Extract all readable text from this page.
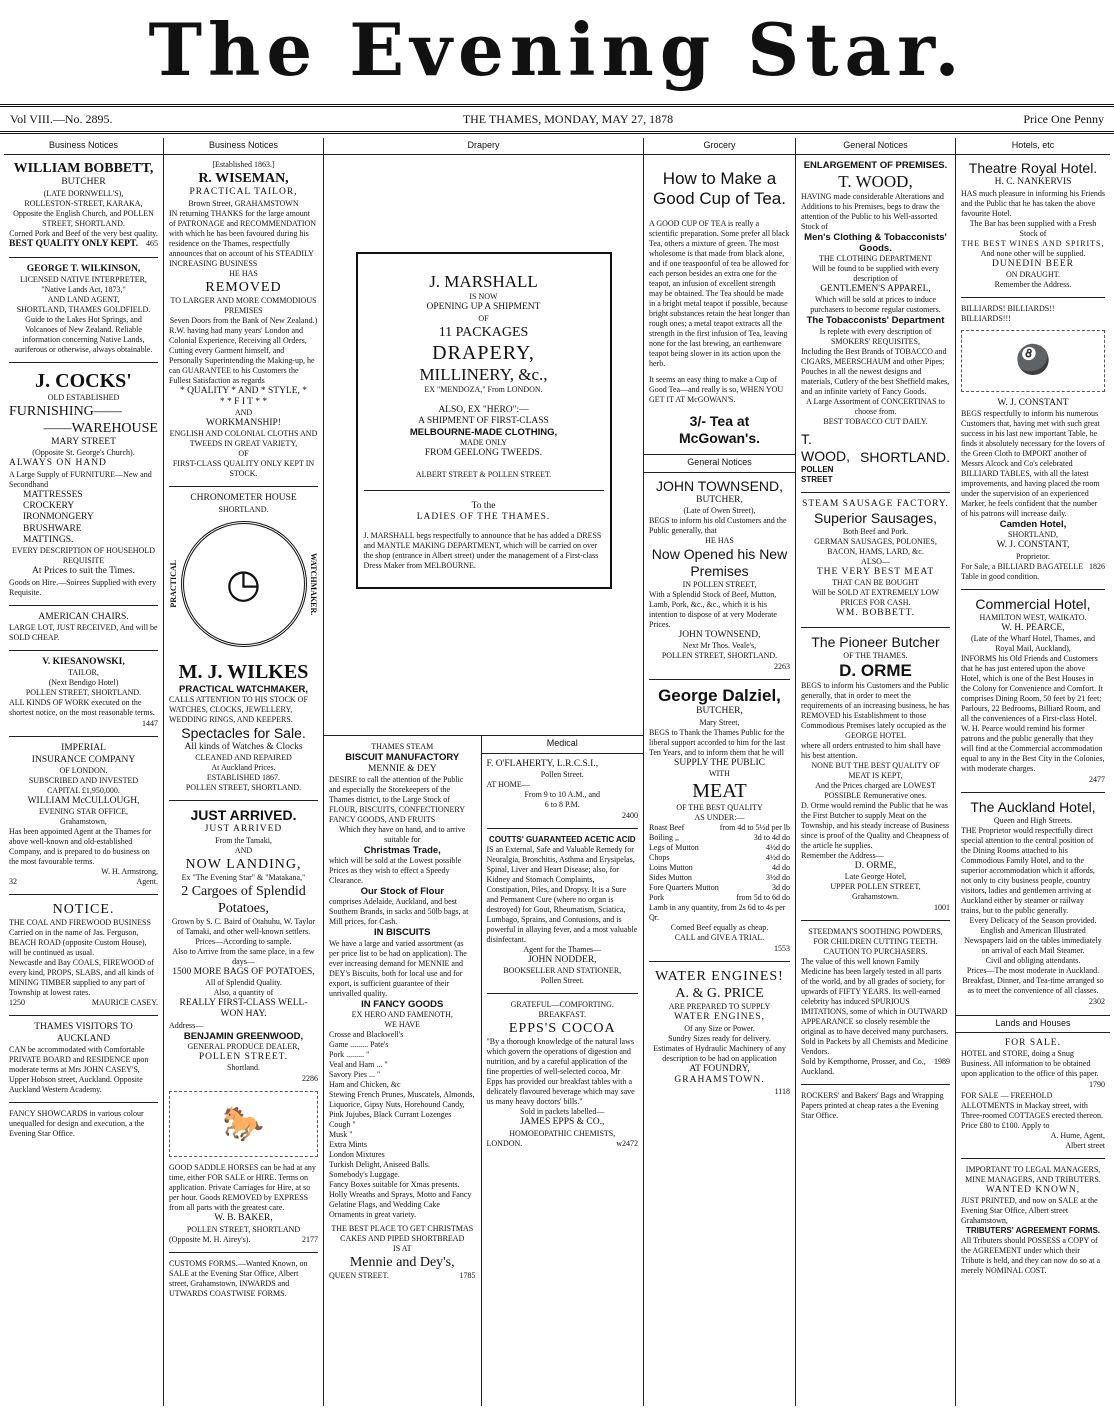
The Evening Star.
Vol VIII.—No. 2895.	THE THAMES, MONDAY, MAY 27, 1878	Price One Penny
Business Notices
WILLIAM BOBBETT,
BUTCHER
(LATE DORNWELL'S),
ROLLESTON-STREET, KARAKA, Opposite the English Church, and POLLEN STREET, SHORTLAND.
Corned Pork and Beef of the very best quality.
BEST QUALITY ONLY KEPT. 465
GEORGE T. WILKINSON,
LICENSED NATIVE INTERPRETER,
"Native Lands Act, 1873,"
AND LAND AGENT,
SHORTLAND, THAMES GOLDFIELD.
Guide to the Lakes Hot Springs, and Volcanoes of New Zealand. Reliable information concerning Native Lands, auriferous or otherwise, always obtainable.
J. COCKS'
OLD ESTABLISHED
FURNISHING——
——WAREHOUSE
MARY STREET
(Opposite St. George's Church).
ALWAYS ON HAND
A Large Supply of FURNITURE—New and Secondhand
MATTRESSES
CROCKERY
IRONMONGERY
BRUSHWARE
MATTINGS.
EVERY DESCRIPTION OF HOUSEHOLD REQUISITE
At Prices to suit the Times.
Goods on Hire.—Soirees Supplied with every Requisite.
AMERICAN CHAIRS.
LARGE LOT, JUST RECEIVED, And will be SOLD CHEAP.
V. KIESANOWSKI,
TAILOR,
(Next Bendigo Hotel)
POLLEN STREET, SHORTLAND.
ALL KINDS OF WORK executed on the shortest notice, on the most reasonable terms.
1447
IMPERIAL
INSURANCE COMPANY
OF LONDON.
SUBSCRIBED AND INVESTED
CAPITAL £1,950,000.
WILLIAM McCULLOUGH,
EVENING STAR OFFICE,
Grahamstown,
Has been appointed Agent at the Thames for above well-known and old-established Company, and is prepared to do business on the most favourable terms.
W. H. Armstrong,
32	Agent.
NOTICE.
THE COAL AND FIREWOOD BUSINESS Carried on in the name of Jas. Ferguson, BEACH ROAD (opposite Custom House), will be continued as usual.
Newcastle and Bay COALS, FIREWOOD of every kind, PROPS, SLABS, and all kinds of MINING TIMBER supplied to any part of Township at lowest rates.
1250	MAURICE CASEY.
THAMES VISITORS TO AUCKLAND
CAN be accommodated with Comfortable PRIVATE BOARD and RESIDENCE upon moderate terms at Mrs JOHN CASEY'S, Upper Hobson street, Auckland. Opposite Auckland Western Academy.
FANCY SHOWCARDS in various colour unequalled for design and execution, a the Evening Star Office.
Business Notices
[Established 1863.]
R. WISEMAN,
PRACTICAL TAILOR,
Brown Street, GRAHAMSTOWN
IN returning THANKS for the large amount of PATRONAGE and RECOMMENDATION with which he has been favoured during his residence on the Thames, respectfully announces that on account of his STEADILY INCREASING BUSINESS
HE HAS
REMOVED
TO LARGER AND MORE COMMODIOUS PREMISES
Seven Doors from the Bank of New Zealand.)
R.W. having had many years' London and Colonial Experience, Receiving all Orders, Cutting every Garment himself, and Personally Superintending the Making-up, he can GUARANTEE to his Customers the Fullest Satisfaction as regards
* QUALITY * AND * STYLE, *
* * F I T * *
AND
WORKMANSHIP!
ENGLISH AND COLONIAL CLOTHS AND TWEEDS IN GREAT VARIETY,
OF
FIRST-CLASS QUALITY ONLY KEPT IN STOCK.
CHRONOMETER HOUSE
SHORTLAND.
PRACTICAL	◷	WATCHMAKER.
M. J. WILKES
PRACTICAL WATCHMAKER,
CALLS ATTENTION TO HIS STOCK OF WATCHES, CLOCKS, JEWELLERY, WEDDING RINGS, AND KEEPERS.
Spectacles for Sale.
All kinds of Watches & Clocks
CLEANED AND REPAIRED
At Auckland Prices.
ESTABLISHED 1867.
POLLEN STREET, SHORTLAND.
JUST ARRIVED.
JUST ARRIVED
From the Tamaki,
AND
NOW LANDING,
Ex "The Evening Star" & "Matakana,"
2 Cargoes of Splendid Potatoes,
Grown by S. C. Baird of Otahuhu, W. Taylor of Tamaki, and other well-known settlers.
Prices—According to sample.
Also to Arrive from the same place, in a few days—
1500 MORE BAGS OF POTATOES,
All of Splendid Quality.
Also, a quantity of
REALLY FIRST-CLASS WELL-WON HAY.
Address—
BENJAMIN GREENWOOD,
GENERAL PRODUCE DEALER,
POLLEN STREET.
Shortland.
2286
🐎
GOOD SADDLE HORSES can be had at any time, either FOR SALE or HIRE. Terms on application. Private Carriages for Hire, at so per hour. Goods REMOVED by EXPRESS from all parts with the greatest care.
W. B. BAKER,
POLLEN STREET, SHORTLAND
(Opposite M. H. Airey's).	2177
CUSTOMS FORMS.—Wanted Known, on SALE at the Evening Star Office, Albert street, Grahamstown, INWARDS and UTWARDS COASTWISE FORMS.
Drapery
J. MARSHALL
IS NOW
OPENING UP A SHIPMENT
OF
11 PACKAGES
DRAPERY,
MILLINERY, &c.,
EX "MENDOZA," From LONDON.
ALSO, EX "HERO":—
A SHIPMENT OF FIRST-CLASS
MELBOURNE-MADE CLOTHING,
MADE ONLY
FROM GEELONG TWEEDS.
ALBERT STREET & POLLEN STREET.
To the
LADIES OF THE THAMES.
J. MARSHALL begs respectfully to announce that he has added a DRESS and MANTLE MAKING DEPARTMENT, which will be carried on over the shop (entrance in Albert street) under the management of a First-class Dress Maker from MELBOURNE.
THAMES STEAM
BISCUIT MANUFACTORY
MENNIE & DEY
DESIRE to call the attention of the Public and especially the Storekeepers of the Thames district, to the Large Stock of FLOUR, BISCUITS, CONFECTIONERY FANCY GOODS, AND FRUITS
Which they have on hand, and to arrive suitable for
Christmas Trade,
which will be sold at the Lowest possible Prices as they wish to effect a Speedy Clearance.
Our Stock of Flour
comprises Adelaide, Auckland, and best Southern Brands, in sacks and 50lb bags, at Mill prices, for Cash.
IN BISCUITS
We have a large and varied assortment (as per price list to be had on application). The ever increasing demand for MENNIE and DEY's Biscuits, both for local use and for export, is sufficient guarantee of their unrivalled quality.
IN FANCY GOODS
EX HERO AND FAMENOTH,
WE HAVE
Crosse and Blackwell's
Game ......... Pate's
Pork ......... "
Veal and Ham ... "
Savory Pies ... "
Ham and Chicken, &c
Stewing French Prunes, Muscatels, Almonds, Liquorice, Gipsy Nuts, Horehound Candy, Pink Jujubes, Black Currant Lozenges
Cough "
Musk "
Extra Mints
London Mixtures
Turkish Delight, Aniseed Balls.
Somebody's Luggage.
Fancy Boxes suitable for Xmas presents. Holly Wreaths and Sprays, Motto and Fancy Gelatine Flags, and Wedding Cake Ornaments in great variety.
THE BEST PLACE TO GET CHRISTMAS CAKES AND PIPED SHORTBREAD
IS AT
Mennie and Dey's,
QUEEN STREET.	1785
Medical
F. O'FLAHERTY, L.R.C.S.I.,
Pollen Street.
AT HOME—
From 9 to 10 A.M., and
6 to 8 P.M.
2400
COUTTS' GUARANTEED ACETIC ACID
IS an External, Safe and Valuable Remedy for Neuralgia, Bronchitis, Asthma and Erysipelas, Spinal, Liver and Heart Disease; also, for Kidney and Stomach Complaints, Constipation, Piles, and Dropsy. It is a Sure and Permanent Cure (where no organ is destroyed) for Gout, Rheumatism, Sciatica, Lumbago, Sprains, and Contusions, and is powerful in allaying fever, and a most valuable disinfectant.
Agent for the Thames—
JOHN NODDER,
BOOKSELLER AND STATIONER,
Pollen Street.
GRATEFUL—COMFORTING.
BREAKFAST.
EPPS'S COCOA
"By a thorough knowledge of the natural laws which govern the operations of digestion and nutrition, and by a careful application of the fine properties of well-selected cocoa, Mr Epps has provided our breakfast tables with a delicately flavoured beverage which may save us many heavy doctors' bills."
Sold in packets labelled—
JAMES EPPS & CO.,
HOMOEOPATHIC CHEMISTS,
LONDON.	w2472
Grocery
How to Make a Good Cup of Tea.
A GOOD CUP OF TEA is really a scientific preparation. Some prefer all black Tea, others a mixture of green. The most wholesome is that made from black alone, and if one teaspoonful of tea be allowed for each person besides an extra one for the teapot, an infusion of excellent strength may be obtained. The Tea should be made in a bright metal teapot if possible, because bright substances retain the heat longer than rough ones; a metal teapot extracts all the strength in the first infusion of Tea, leaving none for the last brewing, an earthenware teapot being slower in its action upon the herb.
It seems an easy thing to make a Cup of Good Tea—and really is so, WHEN YOU GET IT AT McGOWAN'S.
3/- Tea at McGowan's.
General Notices
JOHN TOWNSEND,
BUTCHER,
(Late of Owen Street),
BEGS to inform his old Customers and the Public generally, that
HE HAS
Now Opened his New Premises
IN POLLEN STREET,
With a Splendid Stock of Beef, Mutton, Lamb, Pork, &c., &c., which it is his intention to dispose of at very Moderate Prices.
JOHN TOWNSEND,
Next Mr Thos. Veale's,
POLLEN STREET, SHORTLAND.
2263
George Dalziel,
BUTCHER,
Mary Street,
BEGS to Thank the Thames Public for the liberal support accorded to him for the last Ten Years, and to inform them that he will
SUPPLY THE PUBLIC
WITH
MEAT
OF THE BEST QUALITY
AS UNDER:—
Roast Beef	from 4d to 5½d per lb
Boiling ,,	3d to 4d do
Legs of Mutton	4½d do
Chops	4½d do
Loins Mutton	4d do
Sides Mutton	3½d do
Fore Quarters Mutton	3d do
Pork	from 5d to 6d do
Lamb in any quantity, from 2s 6d to 4s per Qr.
Corned Beef equally as cheap.
CALL and GIVE A TRIAL.
1553
WATER ENGINES!
A. & G. PRICE
ARE PREPARED TO SUPPLY
WATER ENGINES,
Of any Size or Power.
Sundry Sizes ready for delivery.
Estimates of Hydraulic Machinery of any description to be had on application
AT FOUNDRY,
GRAHAMSTOWN.
1118
General Notices
ENLARGEMENT OF PREMISES.
T. WOOD,
HAVING made considerable Alterations and Additions to his Premises, begs to draw the attention of the Public to his Well-assorted Stock of
Men's Clothing & Tobacconists' Goods.
THE CLOTHING DEPARTMENT
Will be found to be supplied with every description of
GENTLEMEN'S APPAREL,
Which will be sold at prices to induce purchasers to become regular customers.
The Tobacconists' Department
Is replete with every description of
SMOKERS' REQUISITES,
Including the Best Brands of TOBACCO and CIGARS, MEERSCHAUM and other Pipes; Pouches in all the newest designs and materials, Cutlery of the best Sheffield makes, and an infinite variety of Fancy Goods.
A Large Assortment of CONCERTINAS to choose from.
BEST TOBACCO CUT DAILY.
T. WOOD,
POLLEN STREET
SHORTLAND.
STEAM SAUSAGE FACTORY.
Superior Sausages,
Both Beef and Pork.
GERMAN SAUSAGES, POLONIES,
BACON, HAMS, LARD, &c.
ALSO—
THE VERY BEST MEAT
THAT CAN BE BOUGHT
Will be SOLD AT EXTREMELY LOW PRICES FOR CASH.
WM. BOBBETT.
The Pioneer Butcher
OF THE THAMES.
D. ORME
BEGS to inform his Customers and the Public generally, that in order to meet the requirements of an increasing business, he has REMOVED his Establishment to those Commodious Premises lately occupied as the
GEORGE HOTEL
where all orders entrusted to him shall have his best attention.
NONE BUT THE BEST QUALITY OF MEAT IS KEPT,
And the Prices charged are LOWEST POSSIBLE Remunerative ones.
D. Orme would remind the Public that he was the First Butcher to supply Meat on the Township, and his steady increase of Business since is proof of the Quality and Cheapness of the article he supplies.
Remember the Address—
D. ORME,
Late George Hotel,
UPPER POLLEN STREET,
Grahamstown.
1001
STEEDMAN'S SOOTHING POWDERS,
FOR CHILDREN CUTTING TEETH.
CAUTION TO PURCHASERS.
The value of this well known Family Medicine has been largely tested in all parts of the world, and by all grades of society, for upwards of FIFTY YEARS. Its well-earned celebrity has induced SPURIOUS IMITATIONS, some of which in OUTWARD APPEARANCE so closely resemble the original as to have deceived many purchasers.
Sold in Packets by all Chemists and Medicine Vendors.
Sold by Kempthorne, Prosser, and Co., Auckland.
1989
ROCKERS' and Bakers' Bags and Wrapping Papers printed at cheap rates a the Evening Star Office.
Hotels, etc
Theatre Royal Hotel.
H. C. NANKERVIS
HAS much pleasure in informing his Friends and the Public that he has taken the above favourite Hotel.
The Bar has been supplied with a Fresh Stock of
THE BEST WINES AND SPIRITS,
And none other will be supplied.
DUNEDIN BEER
ON DRAUGHT.
Remember the Address.
BILLIARDS! BILLIARDS!! BILLIARDS!!!
🎱
W. J. CONSTANT
BEGS respectfully to inform his numerous Customers that, having met with such great success in his last new important Table, he finds it absolutely necessary for the lovers of the Green Cloth to IMPORT another of Messrs Alcock and Co's celebrated BILLIARD TABLES, with all the latest improvements, and having placed the room under the supervision of an experienced Marker, he feels confident that the number of his patrons will increase daily.
Camden Hotel,
SHORTLAND,
W. J. CONSTANT,
Proprietor.
For Sale, a BILLIARD BAGATELLE Table in good condition.
1826
Commercial Hotel,
HAMILTON WEST, WAIKATO.
W. H. PEARCE,
(Late of the Wharf Hotel, Thames, and Royal Mail, Auckland),
INFORMS his Old Friends and Customers that he has just entered upon the above Hotel, which is one of the Best Houses in the Colony for Convenience and Comfort. It comprises Dining Room, 50 feet by 21 feet; Parlours, 22 Bedrooms, Billiard Room, and all the conveniences of a First-class Hotel.
W. H. Pearce would remind his former patrons and the public generally that they will find at the Commercial accommodation equal to any in the Best City in the Colonies, with moderate charges.
2477
The Auckland Hotel,
Queen and High Streets.
THE Proprietor would respectfully direct special attention to the central position of the Dining Rooms attached to his Commodious Family Hotel, and to the superior accommodation which it affords, not only to city business people, country visitors, ladies and gentlemen arriving at Auckland either by steamer or railway trains, but to the public generally.
Every Delicacy of the Season provided.
English and American Illustrated Newspapers laid on the tables immediately on arrival of each Mail Steamer.
Civil and obliging attendants.
Prices—The most moderate in Auckland.
Breakfast, Dinner, and Tea-time arranged so as to meet the convenience of all classes.
2302
Lands and Houses
FOR SALE.
HOTEL and STORE, doing a Snug Business. All information to be obtained upon application to the office of this paper.
1790
FOR SALE — FREEHOLD ALLOTMENTS in Mackay street, with Three-roomed COTTAGES erected thereon. Price £80 to £100. Apply to
A. Hume, Agent,
Albert street
IMPORTANT TO LEGAL MANAGERS, MINE MANAGERS, AND TRIBUTERS.
WANTED KNOWN,
JUST PRINTED, and now on SALE at the Evening Star Office, Albert street Grahamstown,
TRIBUTERS' AGREEMENT FORMS.
All Tributers should POSSESS a COPY of the AGREEMENT under which their Tribute is held, and they can now do so at a merely NOMINAL COST.
